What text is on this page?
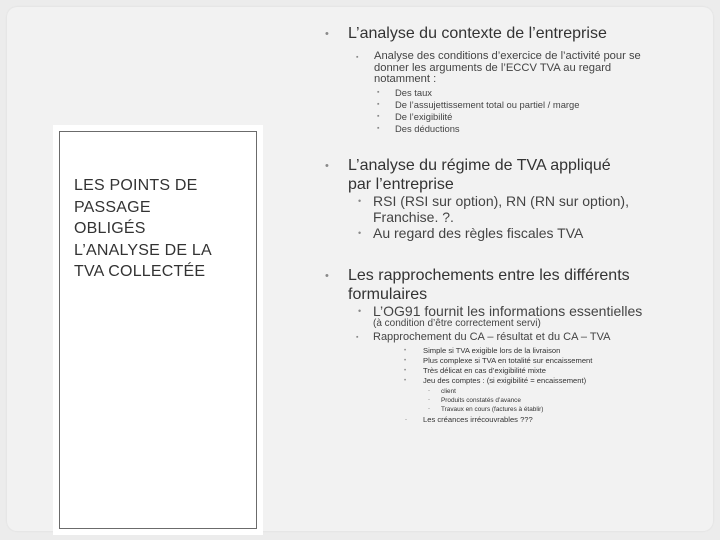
LES POINTS DE
PASSAGE
OBLIGÉS
L’ANALYSE DE LA
TVA COLLECTÉE
• L’analyse du contexte de l’entreprise
▪ Analyse des conditions d’exercice de l’activité pour se
donner les arguments de l’ECCV TVA au regard
notamment :
▪ Des taux
▪ De l’assujettissement total ou partiel / marge
▪ De l’exigibilité
▪ Des déductions
• L’analyse du régime de TVA appliqué
par l’entreprise
• RSI (RSI sur option), RN (RN sur option),
Franchise. ?.
• Au regard des règles fiscales TVA
• Les rapprochements entre les différents
formulaires
• L’OG91 fournit les informations essentielles
(à condition d’être correctement servi)
▪ Rapprochement du CA – résultat et du CA – TVA
• Simple si TVA exigible lors de la livraison
• Plus complexe si TVA en totalité sur encaissement
• Très délicat en cas d’exigibilité mixte
• Jeu des comptes : (si exigibilité = encaissement)
- client
- Produits constatés d’avance
- Travaux en cours (factures à établir)
- Les créances irrécouvrables ???
